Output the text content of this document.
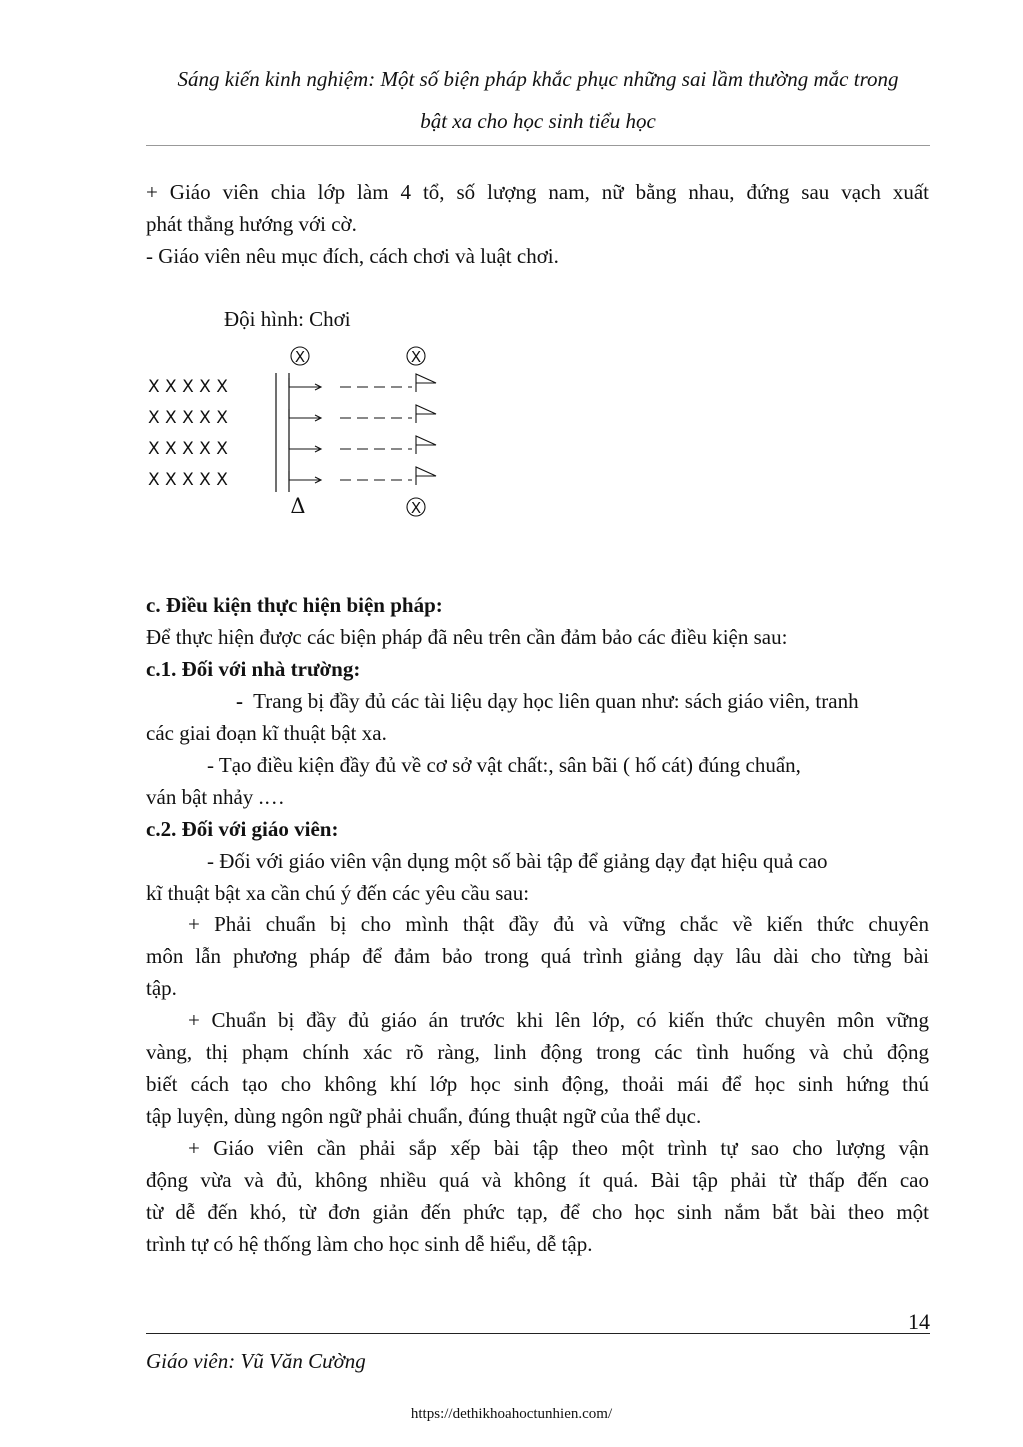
Sáng kiến kinh nghiệm: Một số biện pháp khắc phục những sai lầm thường mắc trong
bật xa cho học sinh tiểu học
+ Giáo viên chia lớp làm 4 tổ, số lượng nam, nữ bằng nhau, đứng sau vạch xuất
phát thẳng hướng với cờ.
- Giáo viên nêu mục đích, cách chơi và luật chơi.
Đội hình: Chơi
X X X X X
X X X X X
X X X X X
X X X X X
X	X
X
Δ
c. Điều kiện thực hiện biện pháp:
Để thực hiện được các biện pháp đã nêu trên cần đảm bảo các điều kiện sau:
c.1. Đối với nhà trường:
- Trang bị đầy đủ các tài liệu dạy học liên quan như: sách giáo viên, tranh
các giai đoạn kĩ thuật bật xa.
- Tạo điều kiện đầy đủ về cơ sở vật chất:, sân bãi ( hố cát) đúng chuẩn,
ván bật nhảy .…
c.2. Đối với giáo viên:
- Đối với giáo viên vận dụng một số bài tập để giảng dạy đạt hiệu quả cao
kĩ thuật bật xa cần chú ý đến các yêu cầu sau:
+ Phải chuẩn bị cho mình thật đầy đủ và vững chắc về kiến thức chuyên
môn lẫn phương pháp để đảm bảo trong quá trình giảng dạy lâu dài cho từng bài
tập.
+ Chuẩn bị đầy đủ giáo án trước khi lên lớp, có kiến thức chuyên môn vững
vàng, thị phạm chính xác rõ ràng, linh động trong các tình huống và chủ động
biết cách tạo cho không khí lớp học sinh động, thoải mái để học sinh hứng thú
tập luyện, dùng ngôn ngữ phải chuẩn, đúng thuật ngữ của thể dục.
+ Giáo viên cần phải sắp xếp bài tập theo một trình tự sao cho lượng vận
động vừa và đủ, không nhiều quá và không ít quá. Bài tập phải từ thấp đến cao
từ dễ đến khó, từ đơn giản đến phức tạp, để cho học sinh nắm bắt bài theo một
trình tự có hệ thống làm cho học sinh dễ hiểu, dễ tập.
14
Giáo viên: Vũ Văn Cường
https://dethikhoahoctunhien.com/
